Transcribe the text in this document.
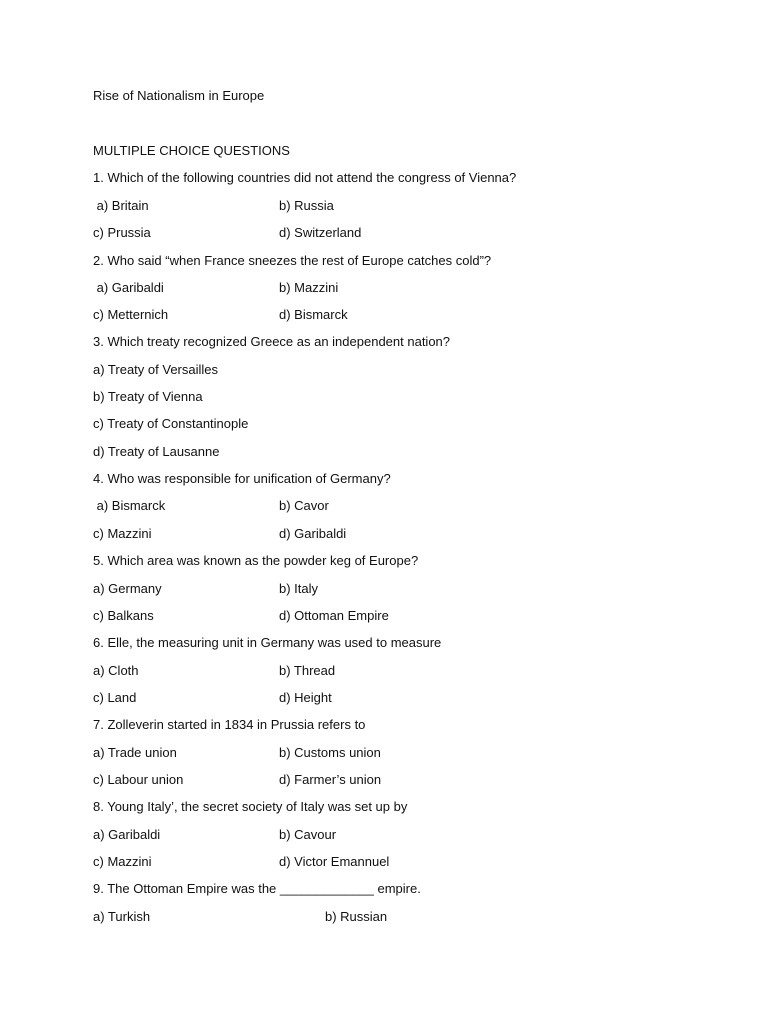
Rise of Nationalism in Europe
MULTIPLE CHOICE QUESTIONS
1. Which of the following countries did not attend the congress of Vienna?
a) Britain	b) Russia
c) Prussia	d) Switzerland
2. Who said “when France sneezes the rest of Europe catches cold”?
a) Garibaldi	b) Mazzini
c) Metternich	d) Bismarck
3. Which treaty recognized Greece as an independent nation?
a) Treaty of Versailles
b) Treaty of Vienna
c) Treaty of Constantinople
d) Treaty of Lausanne
4. Who was responsible for unification of Germany?
a) Bismarck	b) Cavor
c) Mazzini	d) Garibaldi
5. Which area was known as the powder keg of Europe?
a) Germany	b) Italy
c) Balkans	d) Ottoman Empire
6. Elle, the measuring unit in Germany was used to measure
a) Cloth	b) Thread
c) Land	d) Height
7. Zolleverin started in 1834 in Prussia refers to
a) Trade union	b) Customs union
c) Labour union	d) Farmer’s union
8. Young Italy’, the secret society of Italy was set up by
a) Garibaldi	b) Cavour
c) Mazzini	d) Victor Emannuel
9. The Ottoman Empire was the _____________ empire.
a) Turkish	b) Russian
